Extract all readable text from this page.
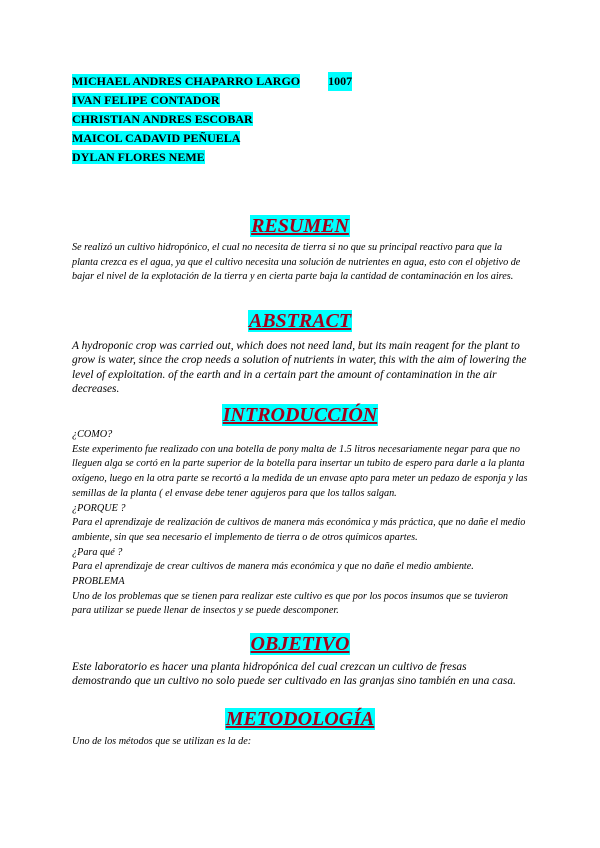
MICHAEL ANDRES CHAPARRO LARGO 1007
IVAN FELIPE CONTADOR
CHRISTIAN ANDRES ESCOBAR
MAICOL CADAVID PEÑUELA
DYLAN FLORES NEME
RESUMEN

Se realizó un cultivo hidropónico, el cual no necesita de tierra si no que su principal reactivo para que la planta crezca es el agua, ya que el cultivo necesita una solución de nutrientes en agua, esto con el objetivo de bajar el nivel de la explotación de la tierra y en cierta parte baja la cantidad de contaminación en los aires.

ABSTRACT

A hydroponic crop was carried out, which does not need land, but its main reagent for the plant to grow is water, since the crop needs a solution of nutrients in water, this with the aim of lowering the level of exploitation. of the earth and in a certain part the amount of contamination in the air decreases.

INTRODUCCIÓN

¿COMO?

Este experimento fue realizado con una botella de pony malta de 1.5 litros necesariamente negar para que no lleguen alga se cortó en la parte superior de la botella para insertar un tubito de espero para darle a la planta oxígeno, luego en la otra parte se recortó a la medida de un envase apto para meter un pedazo de esponja y las semillas de la planta ( el envase debe tener agujeros para que los tallos salgan.

¿PORQUE ?

Para el aprendizaje de realización de cultivos de manera más económica y más práctica, que no dañe el medio ambiente, sin que sea necesario el implemento de tierra o de otros químicos apartes.

¿Para qué ?

Para el aprendizaje de crear cultivos de manera más económica y que no dañe el medio ambiente.

PROBLEMA

Uno de los problemas que se tienen para realizar este cultivo es que por los pocos insumos que se tuvieron para utilizar se puede llenar de insectos y se puede descomponer.

OBJETIVO

Este laboratorio es hacer una planta hidropónica del cual crezcan un cultivo de fresas demostrando que un cultivo no solo puede ser cultivado en las granjas sino también en una casa.

METODOLOGÍA

Uno de los métodos que se utilizan es la de:
